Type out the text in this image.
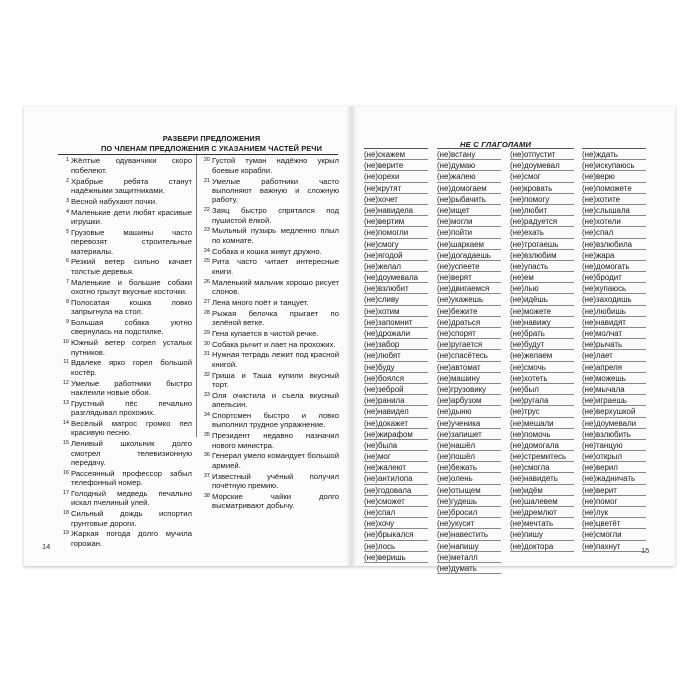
РАЗБЕРИ ПРЕДЛОЖЕНИЯ
ПО ЧЛЕНАМ ПРЕДЛОЖЕНИЯ С УКАЗАНИЕМ ЧАСТЕЙ РЕЧИ
1 Жёлтые одуванчики скоро побелеют.
2 Храбрые ребята станут надёжными защитниками.
3 Весной набухают почки.
4 Маленькие дети любят красивые игрушки.
5 Грузовые машины часто перевозят строительные материалы.
6 Резкий ветер сильно качает толстые деревья.
7 Маленькие и большие собаки охотно грызут вкусные косточки.
8 Полосатая кошка ловко запрыгнула на стол.
9 Большая собака уютно свернулась на подстилке.
10 Южный ветер согрел усталых путников.
11 Вдалеке ярко горел большой костёр.
12 Умелые работники быстро наклеили новые обои.
13 Грустный пёс печально разглядывал прохожих.
14 Весёлый матрос громко пел красивую песню.
15 Ленивый школьник долго смотрел телевизионную передачу.
16 Рассеянный профессор забыл телефонный номер.
17 Голодный медведь печально искал пчелиный улей.
18 Сильный дождь испортил грунтовые дороги.
19 Жаркая погода долго мучила горожан.
20 Густой туман надёжно укрыл боевые корабли.
21 Умелые работники часто выполняют важную и сложную работу.
22 Заяц быстро спрятался под пушистой ёлкой.
23 Мыльный пузырь медленно плыл по комнате.
24 Собака и кошка живут дружно.
25 Рита часто читает интересные книги.
26 Маленький мальчик хорошо рисует слонов.
27 Лена много поёт и танцует.
28 Рыжая белочка прыгает по зелёной ветке.
29 Гена купается в чистой речке.
30 Собака рычит и лает на прохожих.
31 Нужная тетрадь лежит под красной книгой.
32 Гриша и Таша купили вкусный торт.
33 Оля очистила и съела вкусный апельсин.
34 Спортсмен быстро и ловко выполнил трудное упражнение.
35 Президент недавно назначил нового министра.
36 Генерал умело командует большой армией.
37 Известный учёный получил почётную премию.
38 Морские чайки долго высматривают добычу.
14
НЕ С ГЛАГОЛАМИ
(не)скажем
(не)верите
(не)орехи
(не)крутят
(не)хочет
(не)навидела
(не)вертим
(не)помогли
(не)смогу
(не)ягодой
(не)желал
(не)доумевала
(не)взлюбит
(не)сливу
(не)хотим
(не)запомнит
(не)дрожали
(не)забор
(не)любят
(не)буду
(не)боялся
(не)зеброй
(не)ранила
(не)навидел
(не)докажет
(не)жирафом
(не)была
(не)мог
(не)жалеют
(не)антилопа
(не)годовала
(не)сможет
(не)спал
(не)хочу
(не)брыкался
(не)лось
(не)веришь
(не)встану
(не)думаю
(не)жалею
(не)домогаем
(не)рыбачить
(не)ищет
(не)могли
(не)пойти
(не)шаркаем
(не)догадаешь
(не)успеете
(не)верят
(не)двигаемся
(не)укажешь
(не)бежите
(не)драться
(не)спорят
(не)ругается
(не)спасётесь
(не)автомат
(не)машину
(не)грузовику
(не)арбузом
(не)дыню
(не)ученика
(не)запишет
(не)нашёл
(не)пошёл
(не)бежать
(не)олень
(не)отыщем
(не)гудешь
(не)бросил
(не)укусит
(не)навестить
(не)напишу
(не)металл
(не)думать
(не)отпустит
(не)доумевал
(не)смог
(не)кровать
(не)помогу
(не)любит
(не)радуется
(не)ехать
(не)трогаешь
(не)взлюбим
(не)упасть
(не)ем
(не)лью
(не)идёшь
(не)можете
(не)навижу
(не)брать
(не)будут
(не)желаем
(не)смочь
(не)хотеть
(не)был
(не)ругала
(не)трус
(не)мешали
(не)помочь
(не)домогала
(не)стремитесь
(не)смогла
(не)навидеть
(не)идём
(не)шалевем
(не)дремлют
(не)мечтать
(не)пишу
(не)доктора
(не)ждать
(не)искупаюсь
(не)верю
(не)поможете
(не)хотите
(не)слышала
(не)хотели
(не)спал
(не)взлюбила
(не)жара
(не)домогать
(не)бродит
(не)купаюсь
(не)заходишь
(не)любишь
(не)навидят
(не)молчат
(не)рычать
(не)лает
(не)апреля
(не)можешь
(не)мычала
(не)играешь
(не)верхушкой
(не)доумевали
(не)взлюбить
(не)танцую
(не)открыл
(не)верил
(не)жадничать
(не)верит
(не)помог
(не)лук
(не)цветёт
(не)смогли
(не)пахнут	15
